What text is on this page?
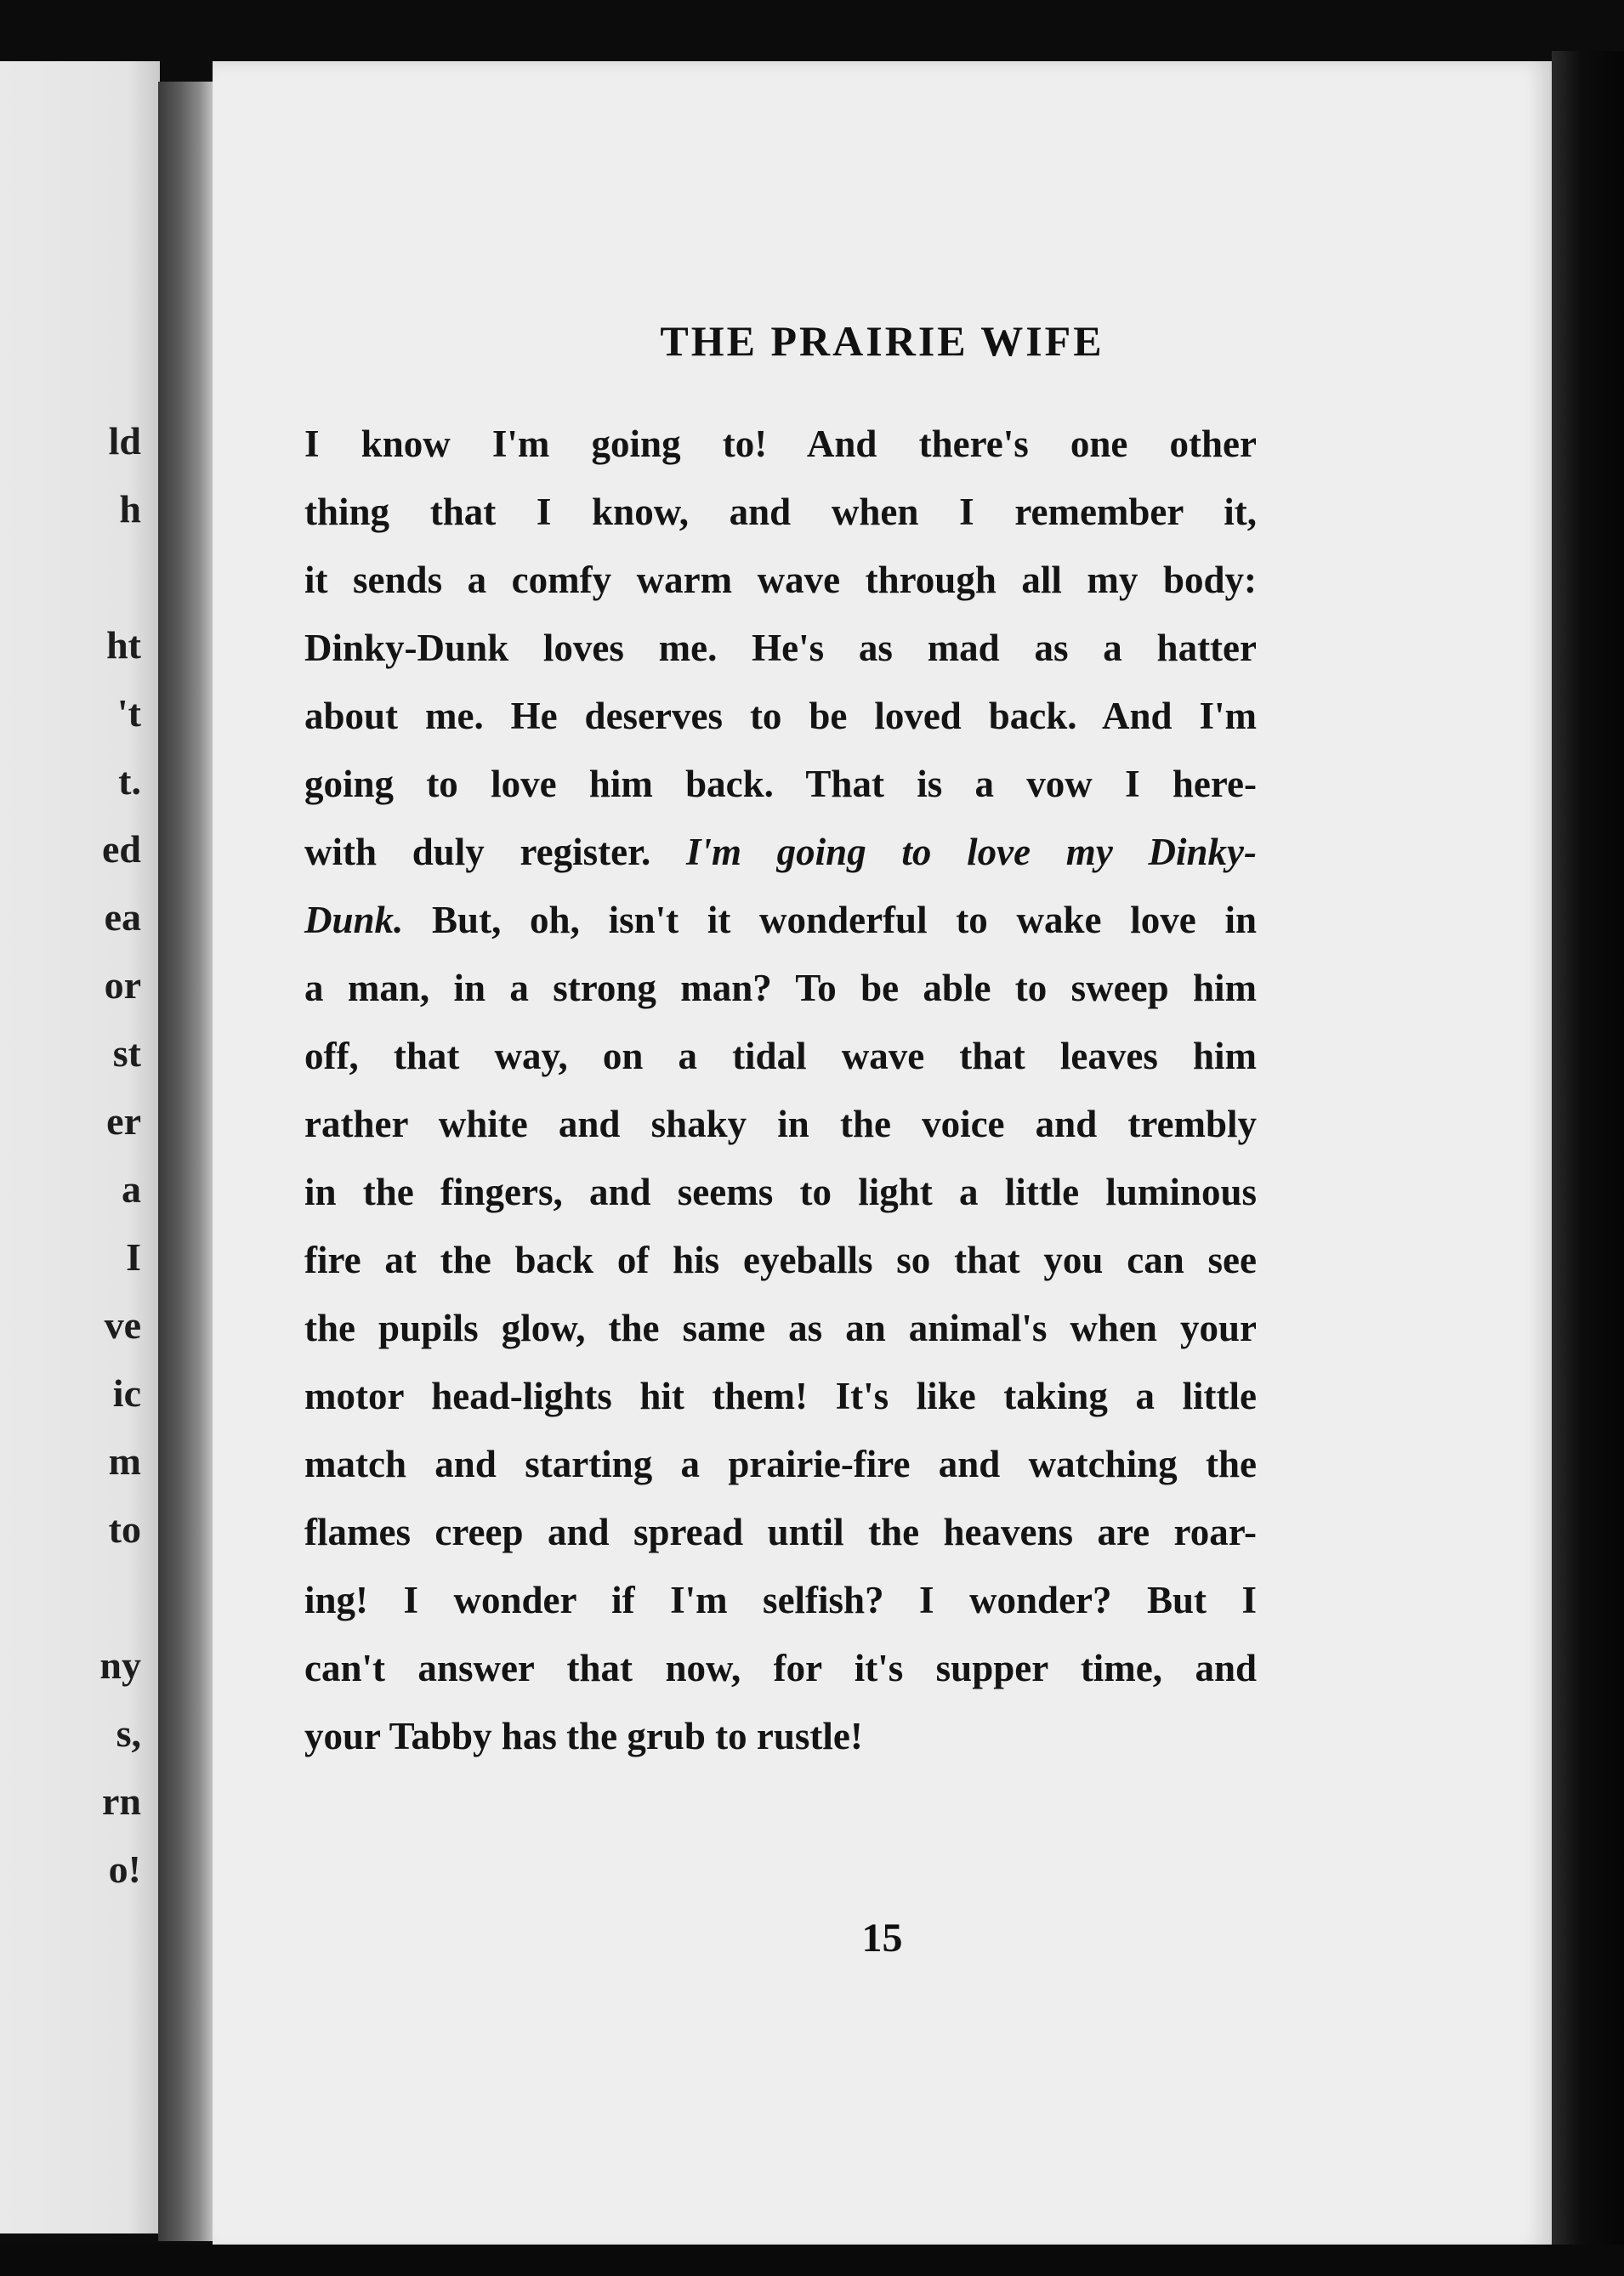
ld
h
ht
't
t.
ed
ea
or
st
er
a
I
ve
ic
m
to
ny
s,
rn
o!
THE PRAIRIE WIFE
I know I'm going to! And there's one other
thing that I know, and when I remember it,
it sends a comfy warm wave through all my body:
Dinky-Dunk loves me. He's as mad as a hatter
about me. He deserves to be loved back. And I'm
going to love him back. That is a vow I here-
with duly register. I'm going to love my Dinky-
Dunk. But, oh, isn't it wonderful to wake love in
a man, in a strong man? To be able to sweep him
off, that way, on a tidal wave that leaves him
rather white and shaky in the voice and trembly
in the fingers, and seems to light a little luminous
fire at the back of his eyeballs so that you can see
the pupils glow, the same as an animal's when your
motor head-lights hit them! It's like taking a little
match and starting a prairie-fire and watching the
flames creep and spread until the heavens are roar-
ing! I wonder if I'm selfish? I wonder? But I
can't answer that now, for it's supper time, and
your Tabby has the grub to rustle!
15
